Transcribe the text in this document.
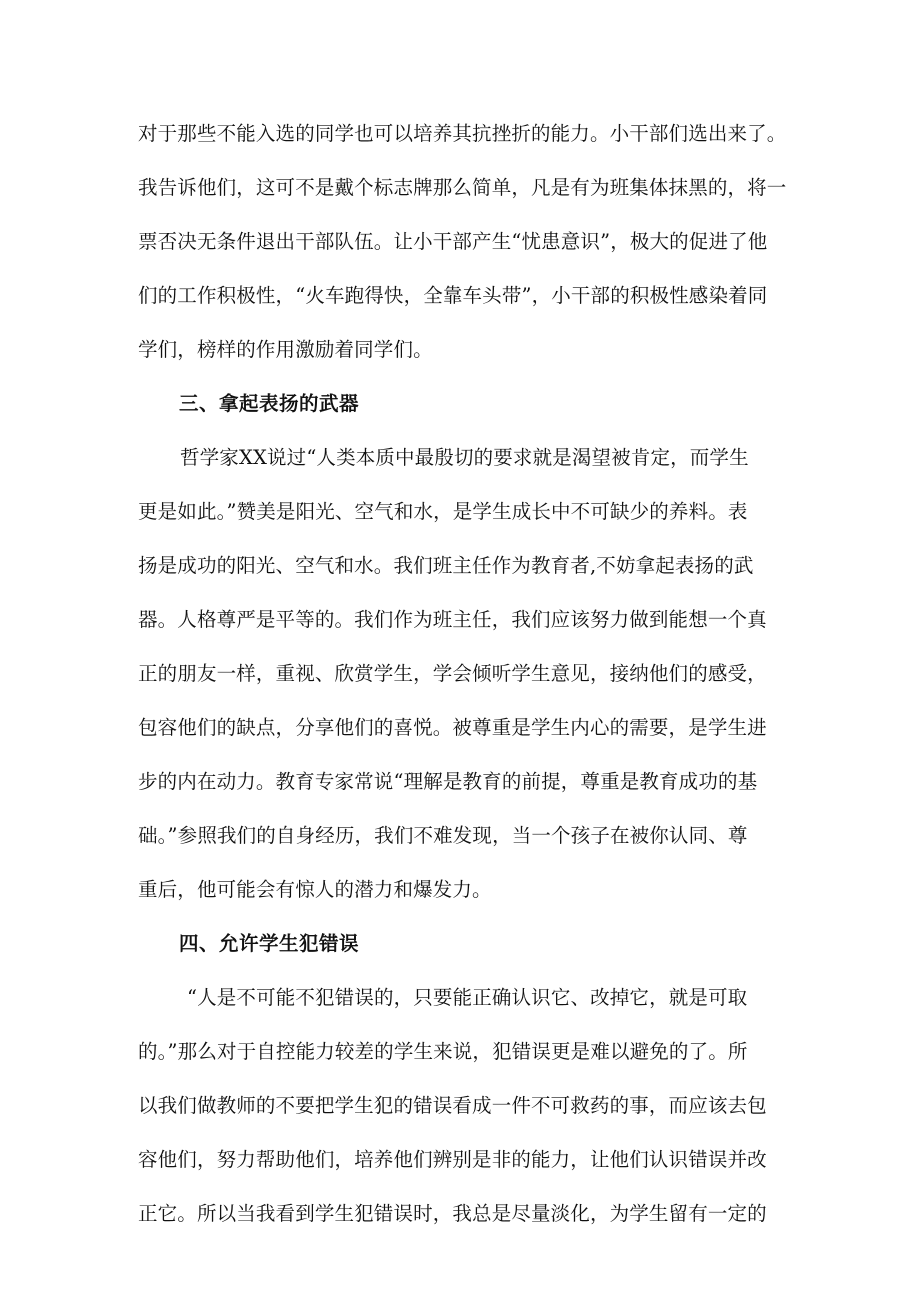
对于那些不能入选的同学也可以培养其抗挫折的能力。小干部们选出来了。
我告诉他们，这可不是戴个标志牌那么简单，凡是有为班集体抹黑的，将一
票否决无条件退出干部队伍。让小干部产生“忧患意识”，极大的促进了他
们的工作积极性，“火车跑得快，全靠车头带”，小干部的积极性感染着同
学们，榜样的作用激励着同学们。
三、拿起表扬的武器
哲学家XX说过“人类本质中最殷切的要求就是渴望被肯定，而学生
更是如此。”赞美是阳光、空气和水，是学生成长中不可缺少的养料。表
扬是成功的阳光、空气和水。我们班主任作为教育者,不妨拿起表扬的武
器。人格尊严是平等的。我们作为班主任，我们应该努力做到能想一个真
正的朋友一样，重视、欣赏学生，学会倾听学生意见，接纳他们的感受，
包容他们的缺点，分享他们的喜悦。被尊重是学生内心的需要，是学生进
步的内在动力。教育专家常说“理解是教育的前提，尊重是教育成功的基
础。”参照我们的自身经历，我们不难发现，当一个孩子在被你认同、尊
重后，他可能会有惊人的潜力和爆发力。
四、允许学生犯错误
“人是不可能不犯错误的，只要能正确认识它、改掉它，就是可取
的。”那么对于自控能力较差的学生来说，犯错误更是难以避免的了。所
以我们做教师的不要把学生犯的错误看成一件不可救药的事，而应该去包
容他们，努力帮助他们，培养他们辨别是非的能力，让他们认识错误并改
正它。所以当我看到学生犯错误时，我总是尽量淡化，为学生留有一定的
